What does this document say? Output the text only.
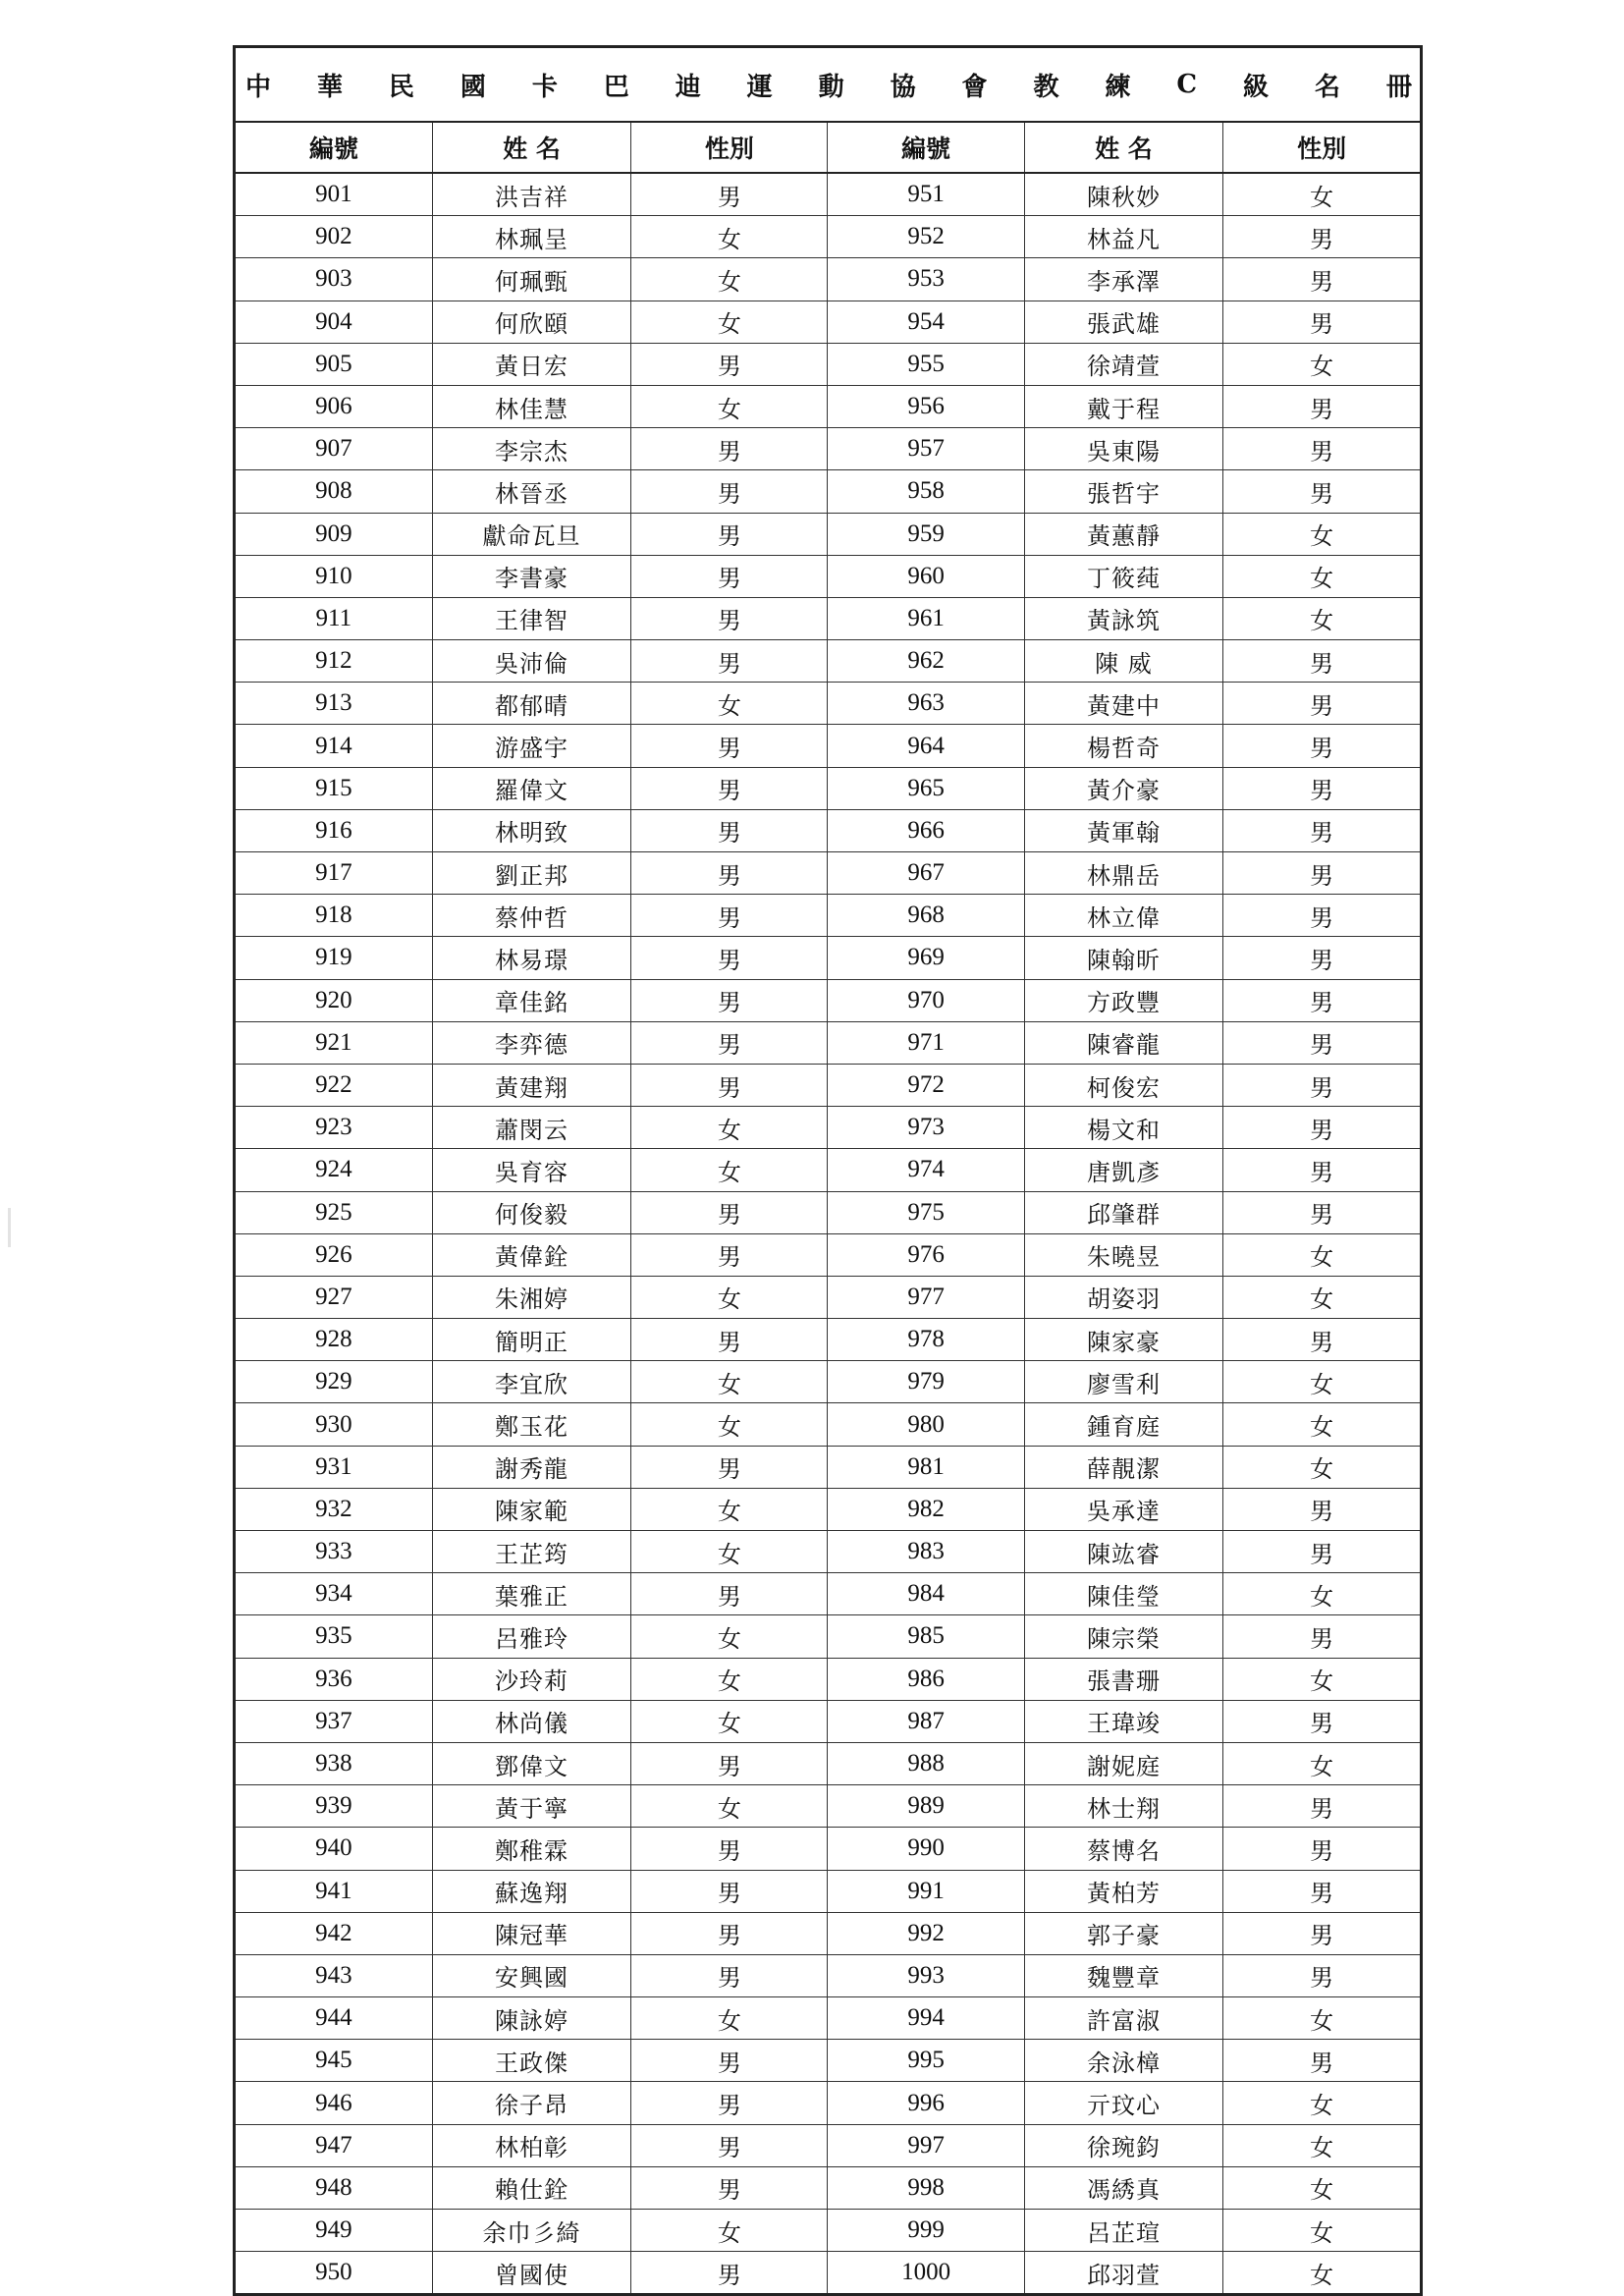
中 華 民 國 卡 巴 迪 運 動 協 會 教 練 C 級 名 冊
編號	姓 名	性別	編號	姓 名	性別
901	洪吉祥	男	951	陳秋妙	女
902	林珮呈	女	952	林益凡	男
903	何珮甄	女	953	李承澤	男
904	何欣頤	女	954	張武雄	男
905	黃日宏	男	955	徐靖萱	女
906	林佳慧	女	956	戴于程	男
907	李宗杰	男	957	吳東陽	男
908	林晉丞	男	958	張哲宇	男
909	獻命瓦旦	男	959	黃蕙靜	女
910	李書豪	男	960	丁筱莼	女
911	王律智	男	961	黃詠筑	女
912	吳沛倫	男	962	陳 威	男
913	都郁晴	女	963	黃建中	男
914	游盛宇	男	964	楊哲奇	男
915	羅偉文	男	965	黃介豪	男
916	林明致	男	966	黃軍翰	男
917	劉正邦	男	967	林鼎岳	男
918	蔡仲哲	男	968	林立偉	男
919	林易璟	男	969	陳翰昕	男
920	章佳銘	男	970	方政豐	男
921	李弈德	男	971	陳睿龍	男
922	黃建翔	男	972	柯俊宏	男
923	蕭閔云	女	973	楊文和	男
924	吳育容	女	974	唐凱彥	男
925	何俊毅	男	975	邱肇群	男
926	黃偉銓	男	976	朱曉昱	女
927	朱湘婷	女	977	胡姿羽	女
928	簡明正	男	978	陳家豪	男
929	李宜欣	女	979	廖雪利	女
930	鄭玉花	女	980	鍾育庭	女
931	謝秀龍	男	981	薛靚潔	女
932	陳家範	女	982	吳承達	男
933	王芷筠	女	983	陳竑睿	男
934	葉雅正	男	984	陳佳瑩	女
935	呂雅玲	女	985	陳宗榮	男
936	沙玲莉	女	986	張書珊	女
937	林尚儀	女	987	王瑋竣	男
938	鄧偉文	男	988	謝妮庭	女
939	黃于寧	女	989	林士翔	男
940	鄭稚霖	男	990	蔡博名	男
941	蘇逸翔	男	991	黃柏芳	男
942	陳冠華	男	992	郭子豪	男
943	安興國	男	993	魏豐章	男
944	陳詠婷	女	994	許富淑	女
945	王政傑	男	995	余泳樟	男
946	徐子昂	男	996	亓玟心	女
947	林柏彰	男	997	徐琬鈞	女
948	賴仕銓	男	998	馮綉真	女
949	余巾彡綺	女	999	呂芷瑄	女
950	曾國使	男	1000	邱羽萱	女
